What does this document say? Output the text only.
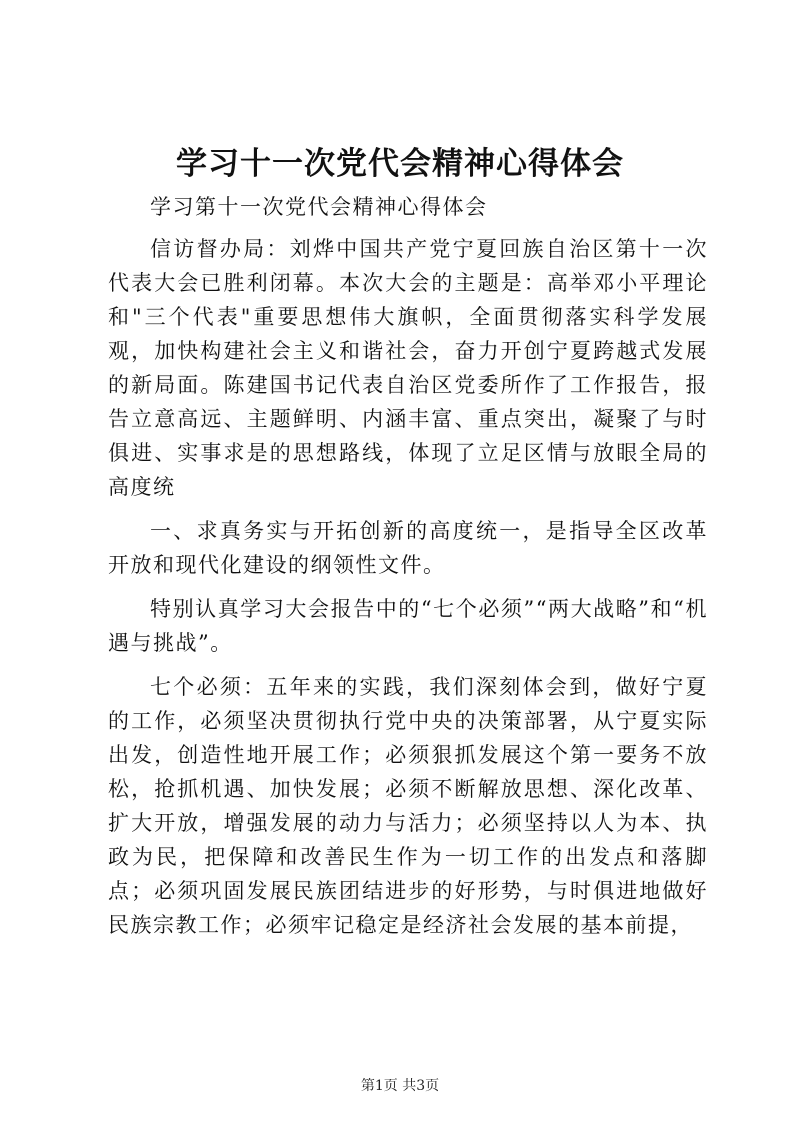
学习十一次党代会精神心得体会

学习第十一次党代会精神心得体会

信访督办局：刘烨中国共产党宁夏回族自治区第十一次代表大会已胜利闭幕。本次大会的主题是：高举邓小平理论和"三个代表"重要思想伟大旗帜，全面贯彻落实科学发展观，加快构建社会主义和谐社会，奋力开创宁夏跨越式发展的新局面。陈建国书记代表自治区党委所作了工作报告，报告立意高远、主题鲜明、内涵丰富、重点突出，凝聚了与时俱进、实事求是的思想路线，体现了立足区情与放眼全局的高度统

一、求真务实与开拓创新的高度统一，是指导全区改革开放和现代化建设的纲领性文件。

特别认真学习大会报告中的“七个必须”“两大战略”和“机遇与挑战”。

七个必须：五年来的实践，我们深刻体会到，做好宁夏的工作，必须坚决贯彻执行党中央的决策部署，从宁夏实际出发，创造性地开展工作；必须狠抓发展这个第一要务不放松，抢抓机遇、加快发展；必须不断解放思想、深化改革、扩大开放，增强发展的动力与活力；必须坚持以人为本、执政为民，把保障和改善民生作为一切工作的出发点和落脚点；必须巩固发展民族团结进步的好形势，与时俱进地做好民族宗教工作；必须牢记稳定是经济社会发展的基本前提，

第1页 共3页
